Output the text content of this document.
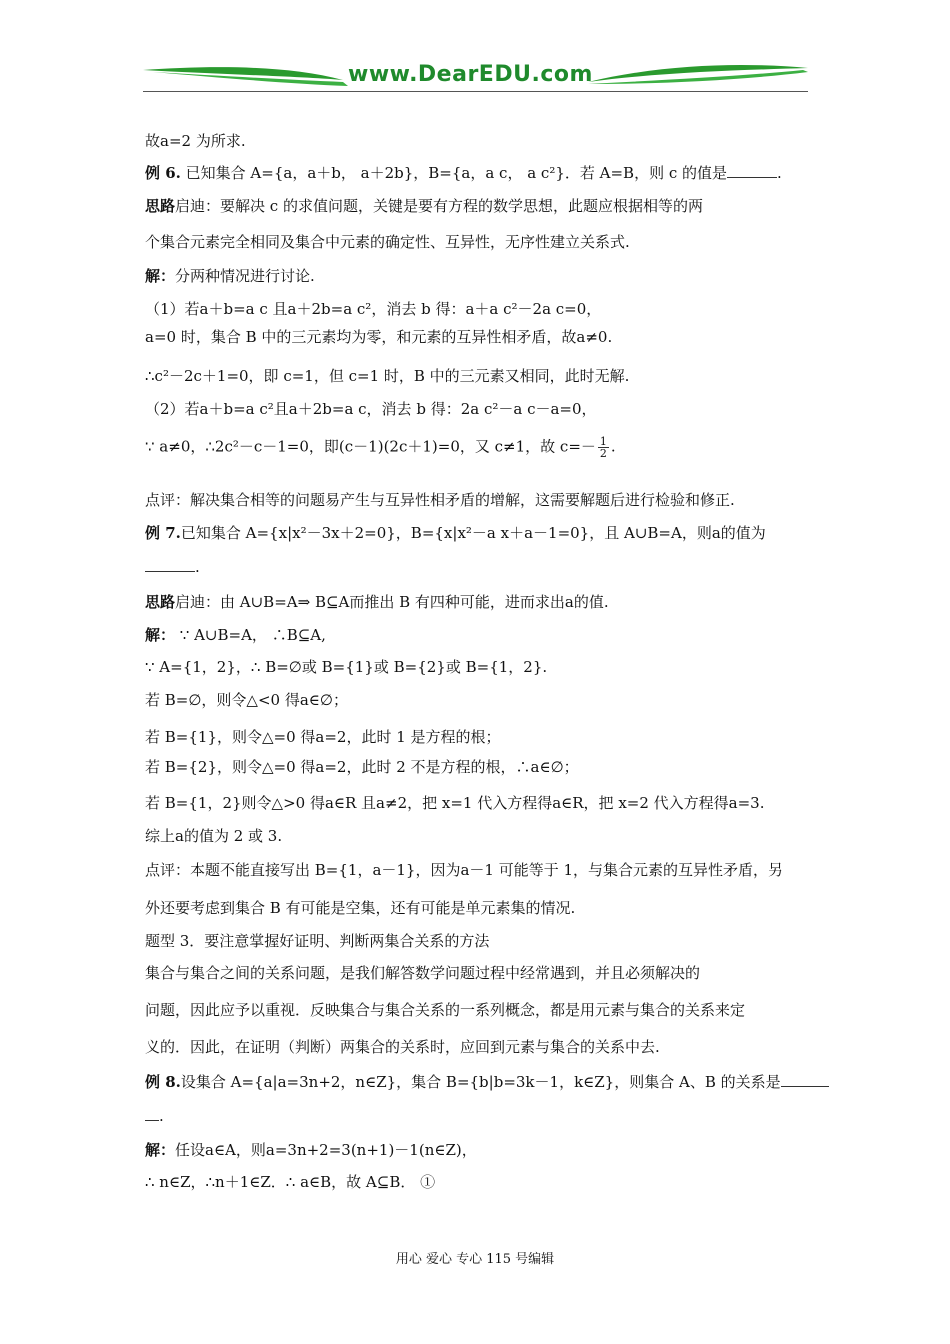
www.DearEDU.com
故a=2 为所求.
例 6. 已知集合 A={a，a＋b， a＋2b}，B={a，a c， a c²}．若 A=B，则 c 的值是	.
思路启迪：要解决 c 的求值问题，关键是要有方程的数学思想，此题应根据相等的两
个集合元素完全相同及集合中元素的确定性、互异性，无序性建立关系式.
解：分两种情况进行讨论.
（1）若a＋b=a c 且a＋2b=a c²，消去 b 得：a＋a c²－2a c=0，
a=0 时，集合 B 中的三元素均为零，和元素的互异性相矛盾，故a≠0.
∴c²－2c＋1=0，即 c=1，但 c=1 时，B 中的三元素又相同，此时无解.
（2）若a＋b=a c²且a＋2b=a c，消去 b 得：2a c²－a c－a=0，
∵ a≠0，∴2c²－c－1=0，即(c－1)(2c＋1)=0，又 c≠1，故 $c=- \frac{1}{2}$ .
点评：解决集合相等的问题易产生与互异性相矛盾的增解，这需要解题后进行检验和修正.
例 7.已知集合 A={x|x²－3x＋2=0}，B={x|x²－a x＋a－1=0}，且 A∪B=A，则a的值为
.
思路启迪：由 A∪B=A⇒ B⊆A而推出 B 有四种可能，进而求出a的值.
解： ∵ A∪B=A， ∴B⊆A,
∵ A={1，2}，∴ B=∅或 B={1}或 B={2}或 B={1，2}.
若 B=∅，则令△<0 得a∈∅；
若 B={1}，则令△=0 得a=2，此时 1 是方程的根；
若 B={2}，则令△=0 得a=2，此时 2 不是方程的根，∴a∈∅；
若 B={1，2}则令△>0 得a∈R 且a≠2，把 x=1 代入方程得a∈R，把 x=2 代入方程得a=3.
综上a的值为 2 或 3.
点评：本题不能直接写出 B={1，a－1}，因为a－1 可能等于 1，与集合元素的互异性矛盾，另
外还要考虑到集合 B 有可能是空集，还有可能是单元素集的情况.
题型 3．要注意掌握好证明、判断两集合关系的方法
集合与集合之间的关系问题，是我们解答数学问题过程中经常遇到，并且必须解决的
问题，因此应予以重视．反映集合与集合关系的一系列概念，都是用元素与集合的关系来定
义的．因此，在证明（判断）两集合的关系时，应回到元素与集合的关系中去.
例 8.设集合 A={a|a=3n+2，n∈Z}，集合 B={b|b=3k－1，k∈Z}，则集合 A、B 的关系是
.
解：任设a∈A，则a=3n+2=3(n+1)－1(n∈Z)，
∴ n∈Z，∴n＋1∈Z．∴ a∈B，故 A⊆B． ①
用心 爱心 专心 115 号编辑
